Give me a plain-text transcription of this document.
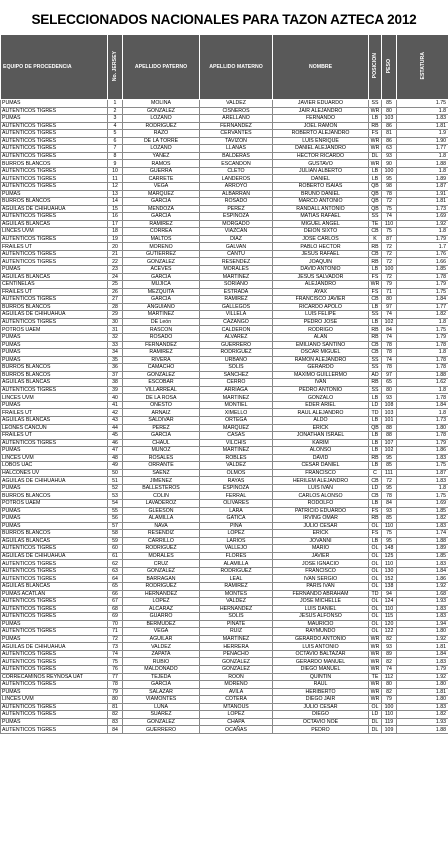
SELECCIONADOS NACIONALES PARA TAZON AZTECA 2012
EQUIPO DE PROCEDENCIA	No. JERSEY	APELLIDO PATERNO	APELLIDO MATERNO	NOMBRE	POSICION	PESO	ESTATURA
PUMAS	1	MOLINA	VALDEZ	JAVIER EDUARDO	SS	85	1.75
AUTENTICOS TIGRES	2	GONZALEZ	CISNEROS	JAIR ALEJANDRO	WR	80	1.8
PUMAS	3	LOZANO	ARELLANO	FERNANDO	LB	103	1.83
AUTENTICOS TIGRES	4	RODRIGUEZ	FERNANDEZ	JOEL RAMON	RB	86	1.81
AUTENTICOS TIGRES	5	RAZO	CERVANTES	ROBERTO ALEJANDRO	FS	81	1.9
AUTENTICOS TIGRES	6	DE LA TORRE	TAVIZON	LUIS ENRIQUE	WR	86	1.90
AUTENTICOS TIGRES	7	LOZANO	LLANAS	DANIEL ALEJANDRO	WR	63	1.77
AUTENTICOS TIGRES	8	YAÑEZ	BALDERAS	HECTOR RICARDO	DL	93	1.8
BURROS BLANCOS	9	RAMOS	ESCANDON	GUSTAVO	WR	90	1.88
AUTENTICOS TIGRES	10	GUERRA	CLETO	JULIAN ALBERTO	LB	100	1.8
AUTENTICOS TIGRES	11	CARRETE	LANDEROS	DANIEL	LB	95	1.89
AUTENTICOS TIGRES	12	VEGA	ARROYO	ROBERTO ISAIAS	QB	98	1.87
PUMAS	13	MARQUEZ	ALBARRAN	BRUNO DANIEL	QB	78	1.91
BURROS BLANCOS	14	GARCIA	ROSADO	MARCO ANTONIO	QB	72	1.81
AGUILAS DE CHIHUAHUA	15	MENDOZA	PEREZ	RANDALL ANTONIO	QB	75	1.73
AUTENTICOS TIGRES	16	GARCIA	ESPINOZA	MATIAS RAFAEL	SS	74	1.69
AGUILAS BLANCAS	17	RAMIREZ	MORGADO	MIGUEL ANGEL	TE	110	1.92
LINCES UVM	18	CORREA	VIAZCAN	DEION SIXTO	CB	75	1.8
AUTENTICOS TIGRES	19	MALTOS	DIAZ	JOSE CARLOS	K	87	1.79
FRAILES UT	20	MORENO	GALVAN	PABLO HECTOR	RB	72	1.7
AUTENTICOS TIGRES	21	GUTIERREZ	CANTU	JESUS RAFAEL	CB	72	1.76
AUTENTICOS TIGRES	22	GONZALEZ	RESENDEZ	JOAQUIN	RB	72	1.66
PUMAS	23	ACEVES	MORALES	DAVID ANTONIO	LB	100	1.85
AGUILAS BLANCAS	24	GARCIA	MARTINEZ	JESUS SALVADOR	FS	72	1.78
CENTINELAS	25	MUJICA	SORIANO	ALEJANDRO	WR	79	1.79
FRAILES UT	26	MEZQUITA	ESTRADA	AYAX	FS	71	1.75
AUTENTICOS TIGRES	27	GARCIA	RAMIREZ	FRANCISCO JAVIER	CB	80	1.84
BURROS BLANCOS	28	ANGUIANO	GALLEGOS	RICARDO APOLO	LB	97	1.77
AGUILAS DE CHIHUAHUA	29	MARTINEZ	VILLELA	LUIS FELIPE	SS	74	1.82
AUTENTICOS TIGRES	30	DE León	CAZANGO	PEDRO JOSE	LB	102	1.8
POTROS UAEM	31	RASCON	CALDERON	RODRIGO	RB	84	1.75
PUMAS	32	ROSADO	ALVAREZ	ALAN	RB	74	1.79
PUMAS	33	FERNANDEZ	GUERRERO	EMILIANO SANTINO	CB	78	1.78
PUMAS	34	RAMIREZ	RODRIGUEZ	OSCAR MIGUEL	CB	78	1.8
PUMAS	35	RIVERA	URBANO	RAMON ALEJANDRO	SS	74	1.78
BURROS BLANCOS	36	CAMACHO	SOLIS	GERARDO	SS	78	1.78
BURROS BLANCOS	37	GONZALEZ	SANCHEZ	MAXIMO GUILLERMO	AD	97	1.88
AGUILAS BLANCAS	38	ESCOBAR	CERRO	IVAN	RB	65	1.62
AUTENTICOS TIGRES	39	VILLARREAL	ARRIAGA	PEDRO ANTONIO	SS	80	1.8
LINCES UVM	40	DE LA ROSA	MARTINEZ	GONZALO	LB	93	1.78
PUMAS	41	ONESTO	MONTIEL	EDER ARIEL	LD	108	1.84
FRAILES UT	42	ARNAIZ	XIMELLO	RAUL ALEJANDRO	TD	103	1.8
AGUILAS BLANCAS	43	SALDIVAR	ORTEGA	ALDO	LB	101	1.73
LEONES CANCUN	44	PEREZ	MARQUEZ	ERICK	QB	88	1.80
FRAILES UT	45	GARCIA	CASAS	JONATHAN ISRAEL	LB	88	1.78
AUTENTICOS TIGRES	46	CHAUL	VILCHIS	KARIM	LB	107	1.79
PUMAS	47	MUÑOZ	MARTINEZ	ALONSO	LB	102	1.86
LINCES UVM	48	ROSALES	ROBLES	DAVID	RB	95	1.83
LOBOS UAC	49	ORRANTE	VALDEZ	CESAR DANIEL	LB	85	1.75
HALCONES UV	50	SAENZ	OLMOS	FRANCISCO	C	111	1.87
AGUILAS DE CHIHUAHUA	51	JIMENEZ	RAYAS	HERILEM ALEJANDRO	CB	72	1.83
PUMAS	52	BALLESTEROS	ESPINOZA	LUIS IVAN	LD	95	1.8
BURROS BLANCOS	53	COLIN	FERRAL	CARLOS ALONSO	CB	78	1.75
POTROS UAEM	54	LAVADEROZ	OLIVARES	RODOLFO	LB	84	1.69
PUMAS	55	GLEESON	LARA	PATRICIO EDUARDO	FS	93	1.85
PUMAS	56	ALAMILLA	GATICA	IRVING OMAR	RB	85	1.82
PUMAS	57	NAVA	PIÑA	JULIO CESAR	OL	110	1.83
BURROS BLANCOS	58	RESENDIZ	LOPEZ	ERICK	FS	75	1.74
AGUILAS BLANCAS	59	CARRILLO	LARIOS	JOVANNI	LB	95	1.88
AUTENTICOS TIGRES	60	RODRIGUEZ	VALLEJO	MARIO	OL	148	1.89
AGUILAS DE CHIHUAHUA	61	MORALES	FLORES	JAVIER	OL	125	1.85
AUTENTICOS TIGRES	62	CRUZ	ALAMILLA	JOSE IGNACIO	OL	110	1.83
AUTENTICOS TIGRES	63	GONZALEZ	RODRIGUEZ	FRANCISCO	OL	130	1.84
AUTENTICOS TIGRES	64	BARRAGAN	LEAL	IVAN SERGIO	OL	152	1.86
AGUILAS BLANCAS	65	RODRIGUEZ	RAMIREZ	PARIS IVAN	OL	138	1.92
PUMAS ACATLAN	66	HERNANDEZ	MONTES	FERNANDO ABRAHAM	TD	94	1.68
AUTENTICOS TIGRES	67	LOPEZ	VALDEZ	JOSE MICHELLE	OL	124	1.93
AUTENTICOS TIGRES	68	ALCARAZ	HERNANDEZ	LUIS DANIEL	OL	110	1.83
AUTENTICOS TIGRES	69	GUARRO	SOLIS	JESUS ALFONSO	OL	115	1.83
PUMAS	70	BERMUDEZ	PINATE	MAURICIO	OL	120	1.94
AUTENTICOS TIGRES	71	VEGA	RUIZ	RAYMUNDO	OL	122	1.80
PUMAS	72	AGUILAR	MARTINEZ	GERARDO ANTONIO	WR	82	1.92
AGUILAS DE CHIHUAHUA	73	VALDEZ	HERRERA	LUIS ANTONIO	WR	93	1.81
AUTENTICOS TIGRES	74	ZAPATA	PENACHO	OCTAVIO BALTAZAR	WR	89	1.84
AUTENTICOS TIGRES	75	RUBIO	GONZALEZ	GERARDO MANUEL	WR	82	1.83
AUTENTICOS TIGRES	76	MALDONADO	GONZALEZ	DIEGO MANUEL	WR	74	1.79
CORRECAMINOS REYNOSA UAT	77	TEJEDA	ROON	QUINTIN	TE	112	1.92
AUTENTICOS TIGRES	78	GARCIA	MORENO	RAUL	WR	80	1.80
PUMAS	79	SALAZAR	AVILA	HERIBERTO	WR	82	1.81
LINCES UVM	80	VIAMONTES	COTERA	DIEGO JAIR	WR	79	1.80
AUTENTICOS TIGRES	81	LUNA	MTANOUS	JULIO CESAR	OL	100	1.83
AUTENTICOS TIGRES	82	SUAREZ	LOPEZ	DIEGO	LD	110	1.82
PUMAS	83	GONZALEZ	CHAPA	OCTAVIO NOE	DL	119	1.93
AUTENTICOS TIGRES	84	GUERRERO	OCAÑAS	PEDRO	DL	109	1.88
